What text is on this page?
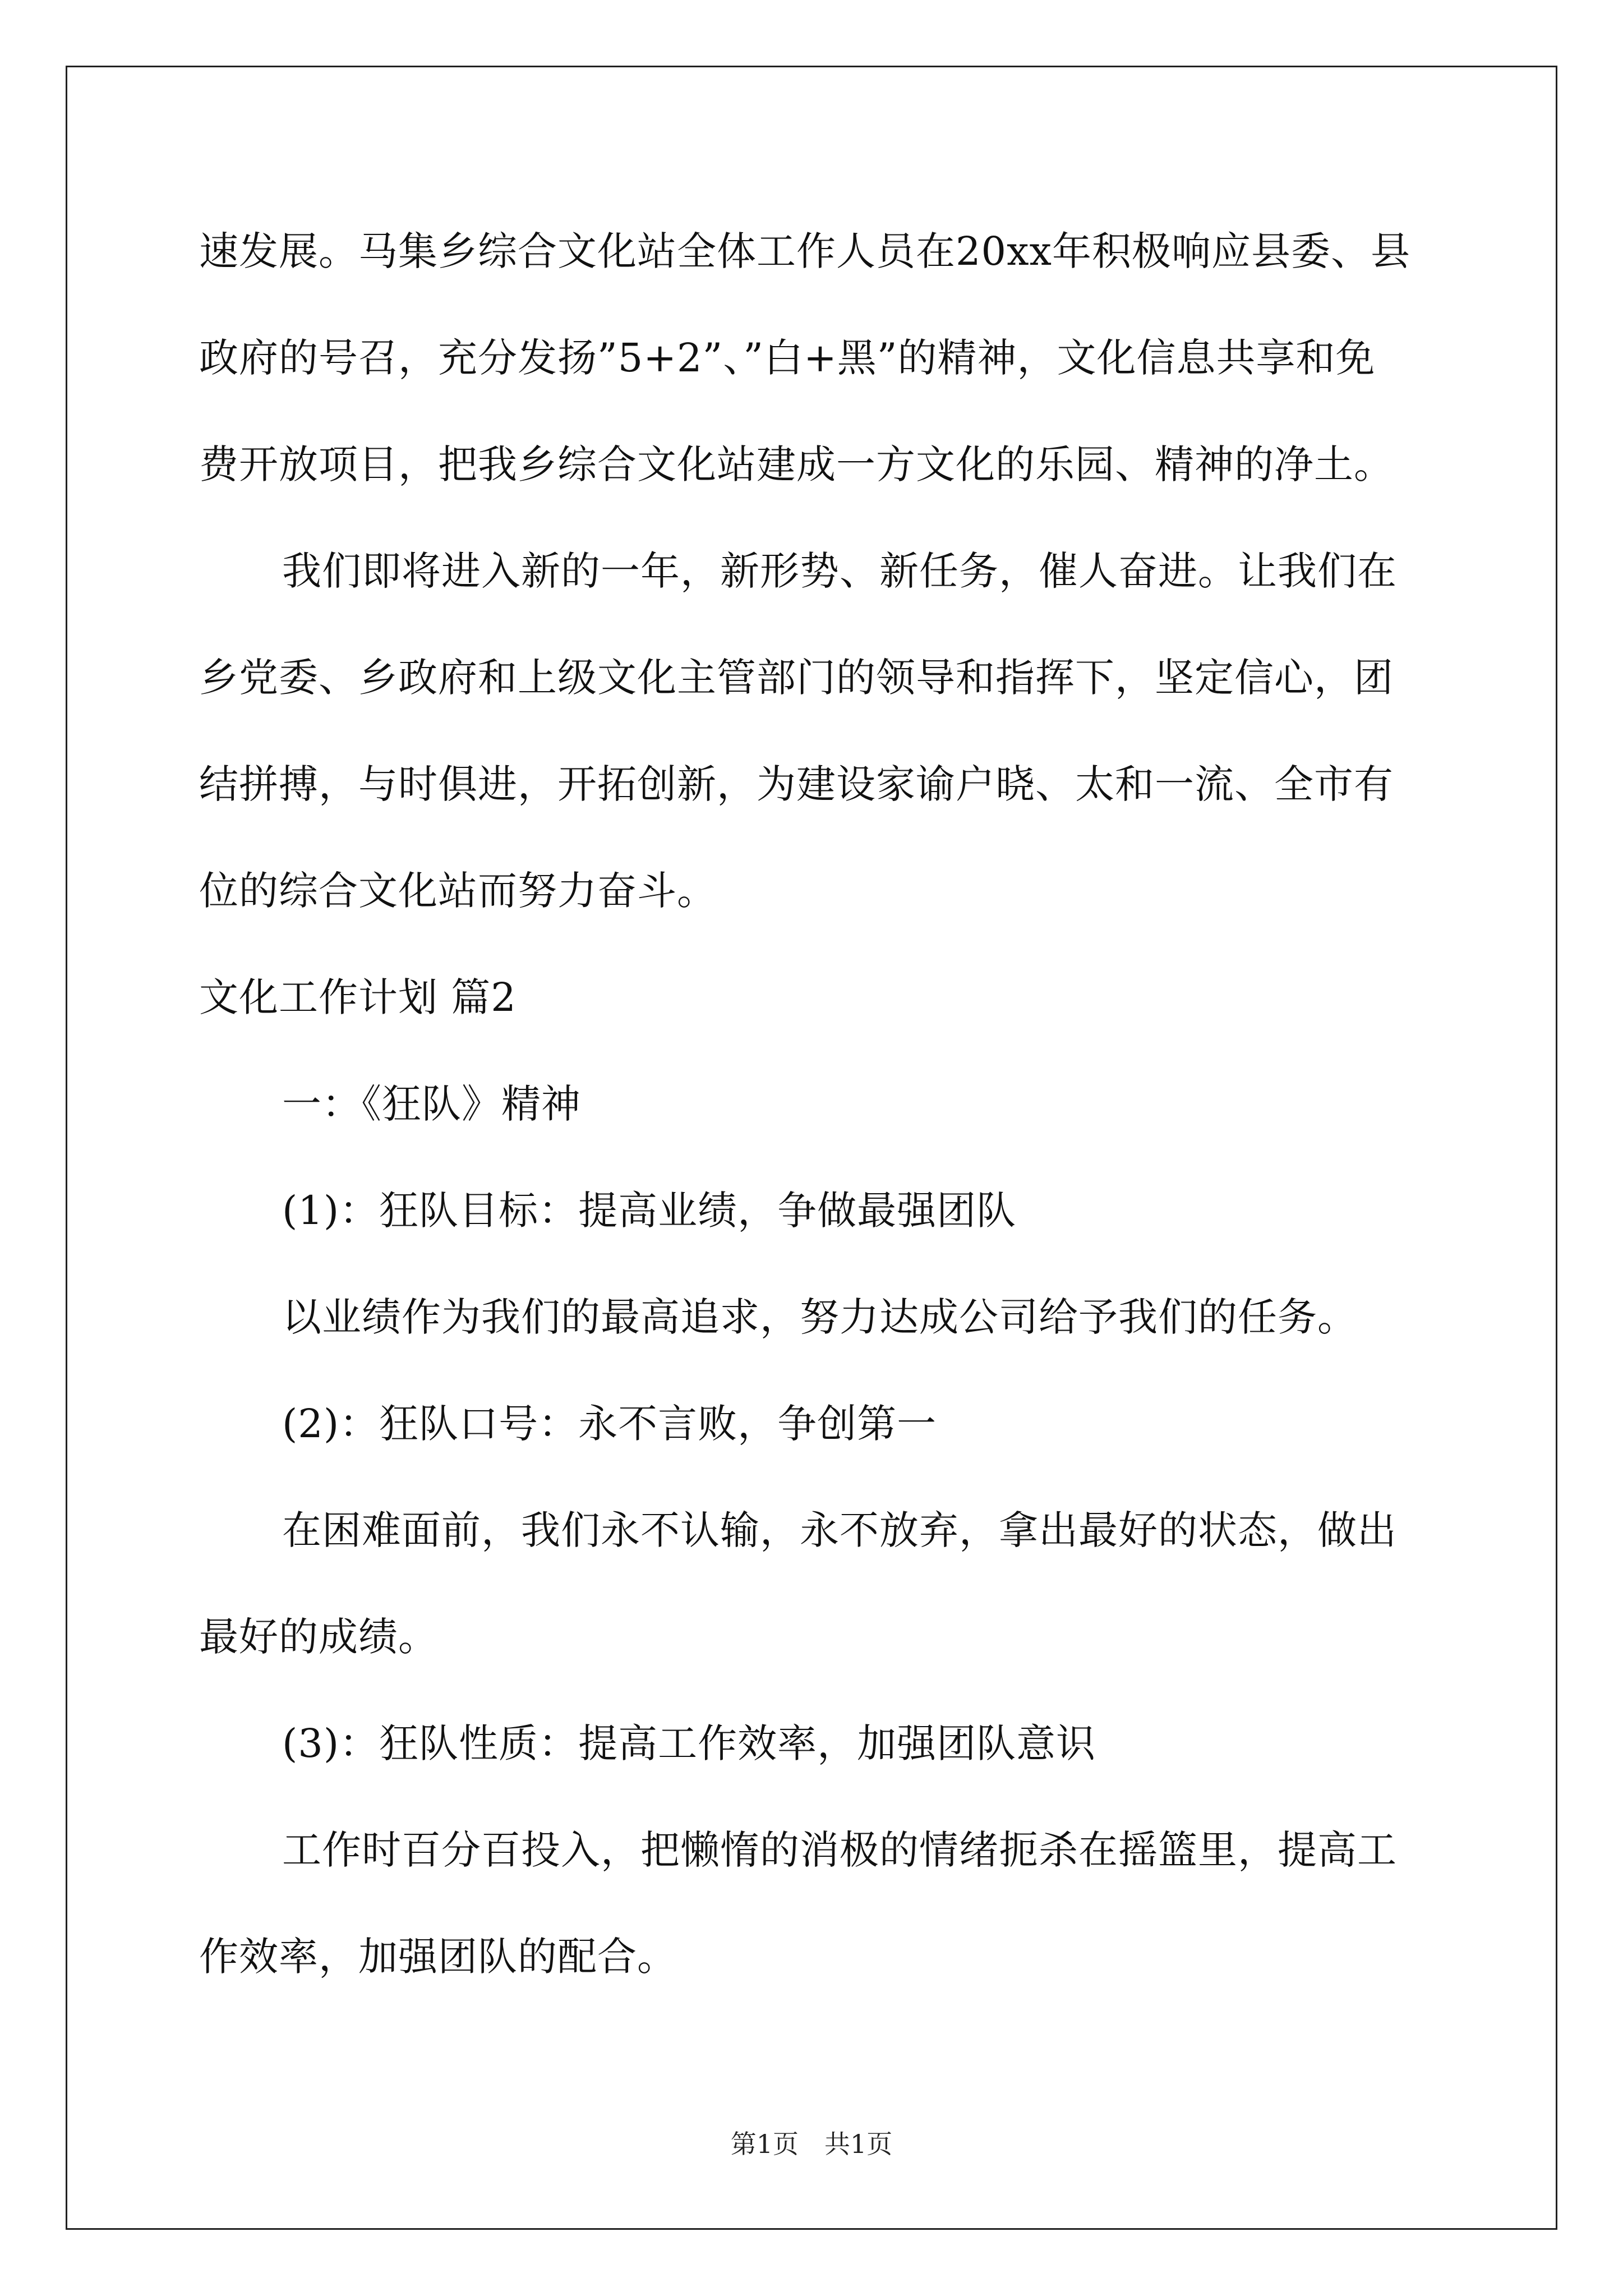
速发展。马集乡综合文化站全体工作人员在20xx年积极响应县委、县
政府的号召，充分发扬”5+2”、”白+黑”的精神，文化信息共享和免
费开放项目，把我乡综合文化站建成一方文化的乐园、精神的净土。
我们即将进入新的一年，新形势、新任务，催人奋进。让我们在
乡党委、乡政府和上级文化主管部门的领导和指挥下，坚定信心，团
结拼搏，与时俱进，开拓创新，为建设家谕户晓、太和一流、全市有
位的综合文化站而努力奋斗。
文化工作计划 篇2
一：《狂队》精神
(1)：狂队目标：提高业绩，争做最强团队
以业绩作为我们的最高追求，努力达成公司给予我们的任务。
(2)：狂队口号：永不言败，争创第一
在困难面前，我们永不认输，永不放弃，拿出最好的状态，做出
最好的成绩。
(3)：狂队性质：提高工作效率，加强团队意识
工作时百分百投入，把懒惰的消极的情绪扼杀在摇篮里，提高工
作效率，加强团队的配合。
第1页　共1页
